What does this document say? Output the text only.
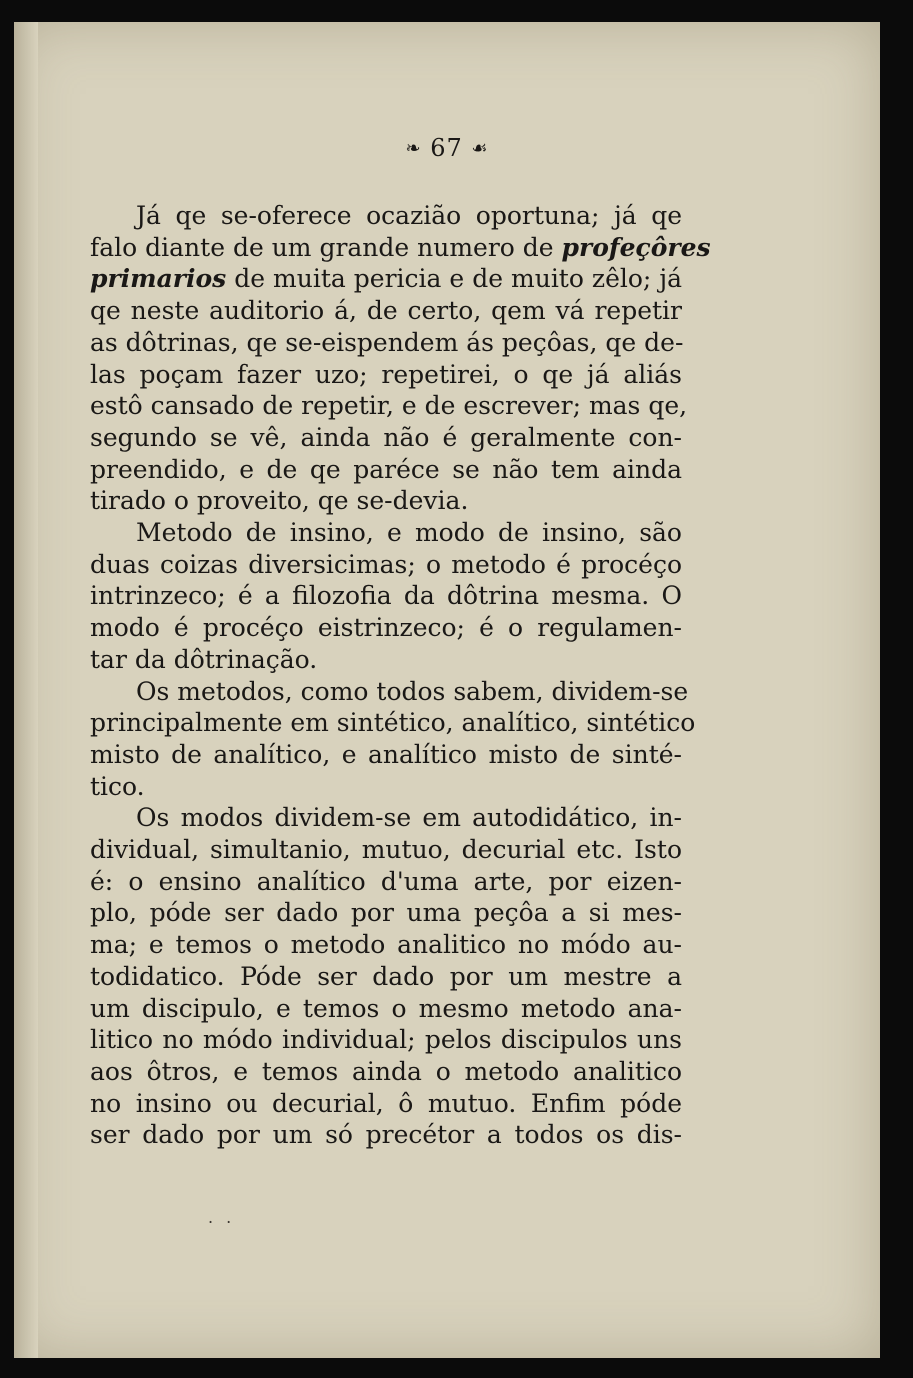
❧ 67 ☙
Já qe se-oferece ocazião oportuna; já qe
falo diante de um grande numero de profeçôres
primarios de muita pericia e de muito zêlo; já
qe neste auditorio á, de certo, qem vá repetir
as dôtrinas, qe se-eispendem ás peçôas, qe de-
las poçam fazer uzo; repetirei, o qe já aliás
estô cansado de repetir, e de escrever; mas qe,
segundo se vê, ainda não é geralmente con-
preendido, e de qe paréce se não tem ainda
tirado o proveito, qe se-devia.
Metodo de insino, e modo de insino, são
duas coizas diversicimas; o metodo é procéço
intrinzeco; é a filozofia da dôtrina mesma. O
modo é procéço eistrinzeco; é o regulamen-
tar da dôtrinação.
Os metodos, como todos sabem, dividem-se
principalmente em sintético, analítico, sintético
misto de analítico, e analítico misto de sinté-
tico.
Os modos dividem-se em autodidático, in-
dividual, simultanio, mutuo, decurial etc. Isto
é: o ensino analítico d'uma arte, por eizen-
plo, póde ser dado por uma peçôa a si mes-
ma; e temos o metodo analitico no módo au-
todidatico. Póde ser dado por um mestre a
um discipulo, e temos o mesmo metodo ana-
litico no módo individual; pelos discipulos uns
aos ôtros, e temos ainda o metodo analitico
no insino ou decurial, ô mutuo. Enfim póde
ser dado por um só precétor a todos os dis-
. .
